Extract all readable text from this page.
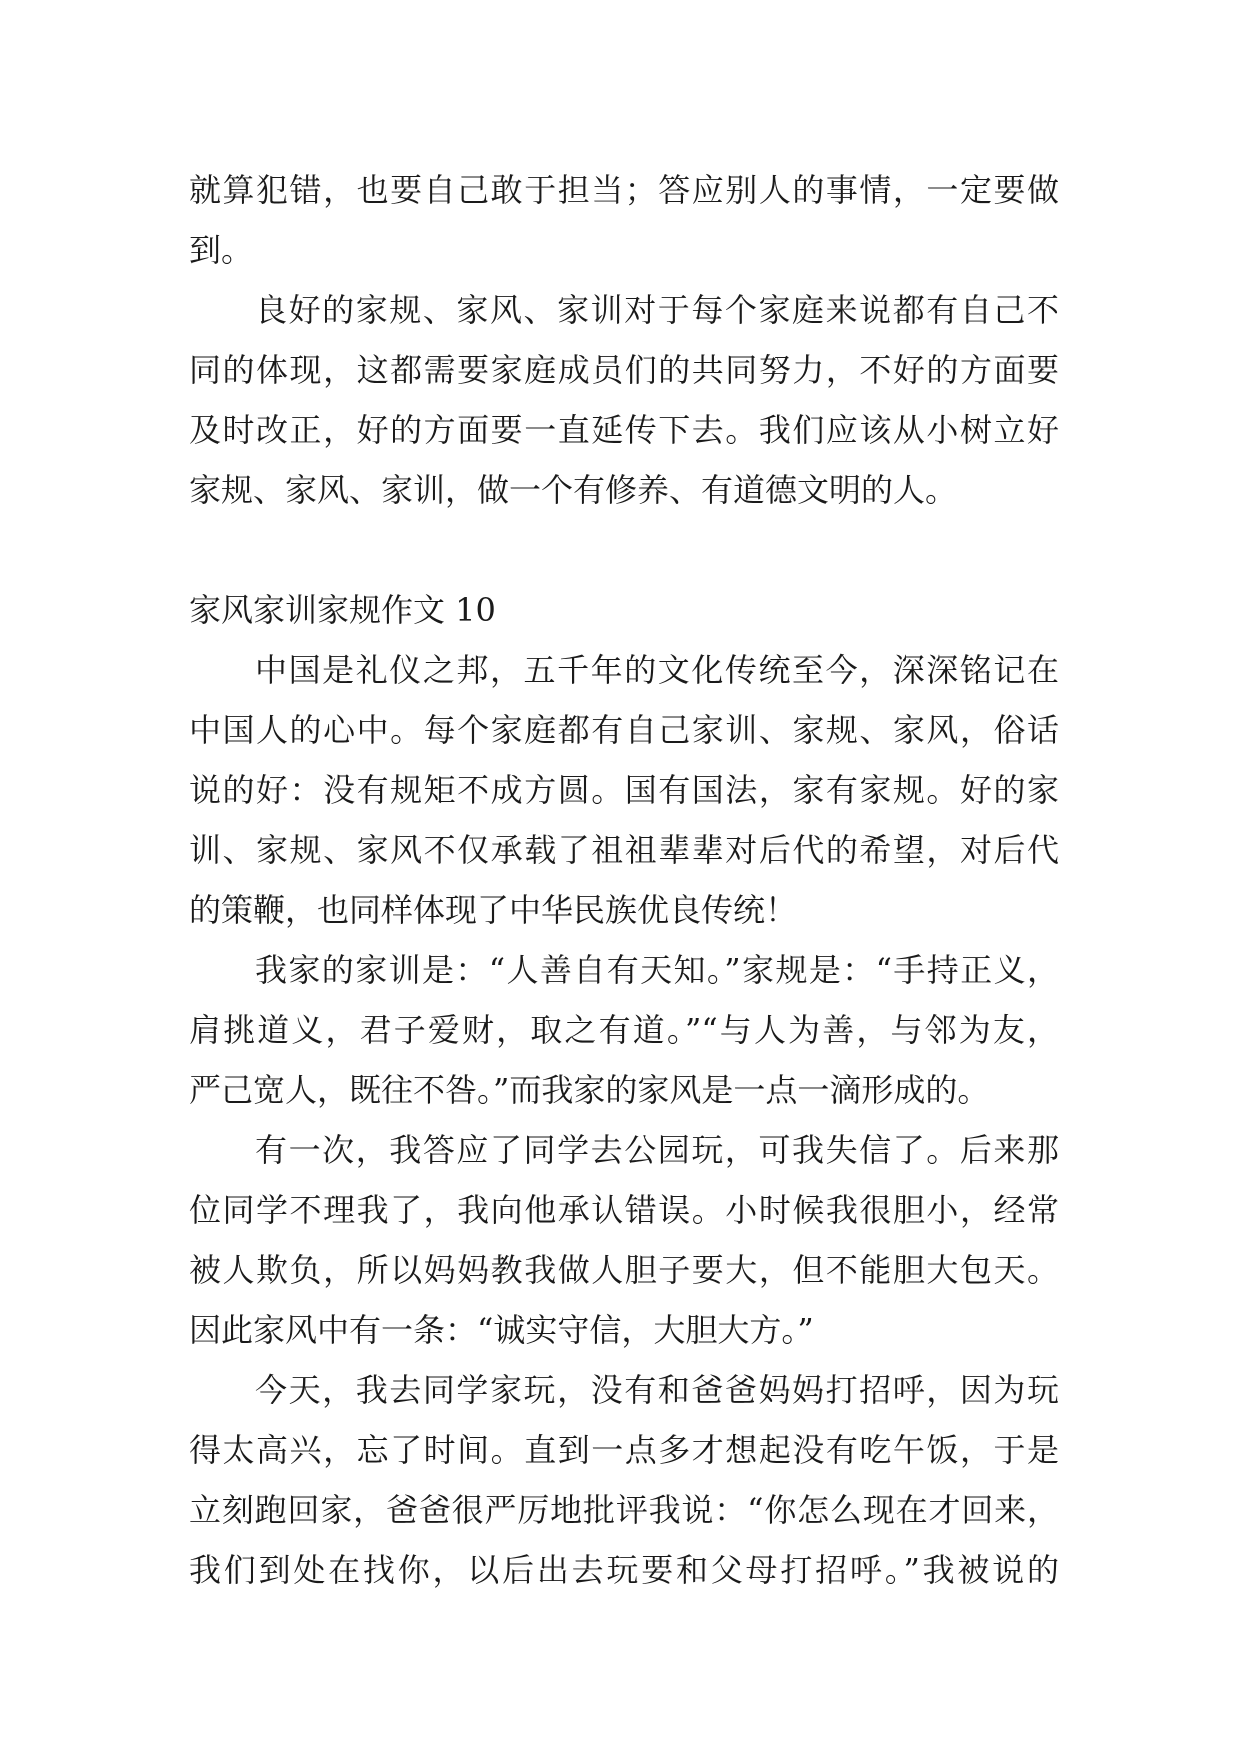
就算犯错，也要自己敢于担当；答应别人的事情，一定要做
到。
良好的家规、家风、家训对于每个家庭来说都有自己不
同的体现，这都需要家庭成员们的共同努力，不好的方面要
及时改正，好的方面要一直延传下去。我们应该从小树立好
家规、家风、家训，做一个有修养、有道德文明的人。
家风家训家规作文 10
中国是礼仪之邦，五千年的文化传统至今，深深铭记在
中国人的心中。每个家庭都有自己家训、家规、家风，俗话
说的好：没有规矩不成方圆。国有国法，家有家规。好的家
训、家规、家风不仅承载了祖祖辈辈对后代的希望，对后代
的策鞭，也同样体现了中华民族优良传统！
我家的家训是：“人善自有天知。”家规是：“手持正义，
肩挑道义，君子爱财，取之有道。”“与人为善，与邻为友，
严己宽人，既往不咎。”而我家的家风是一点一滴形成的。
有一次，我答应了同学去公园玩，可我失信了。后来那
位同学不理我了，我向他承认错误。小时候我很胆小，经常
被人欺负，所以妈妈教我做人胆子要大，但不能胆大包天。
因此家风中有一条：“诚实守信，大胆大方。”
今天，我去同学家玩，没有和爸爸妈妈打招呼，因为玩
得太高兴，忘了时间。直到一点多才想起没有吃午饭，于是
立刻跑回家，爸爸很严厉地批评我说：“你怎么现在才回来，
我们到处在找你，以后出去玩要和父母打招呼。”我被说的
